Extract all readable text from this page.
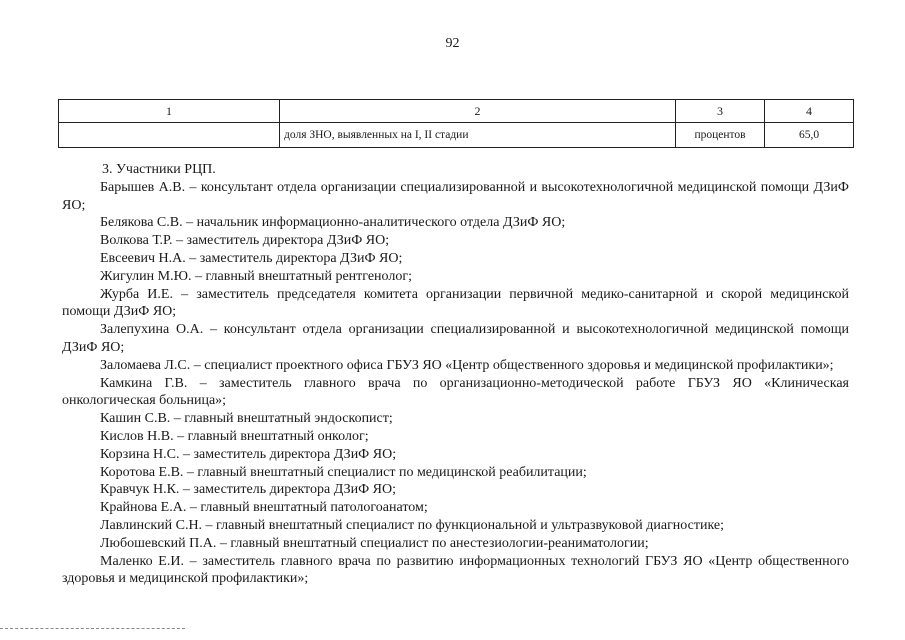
92
1	2	3	4
	доля ЗНО, выявленных на I, II стадии	процентов	65,0

3. Участники РЦП.

Барышев А.В. – консультант отдела организации специализированной и высокотехнологичной медицинской помощи ДЗиФ ЯО;

Белякова С.В. – начальник информационно-аналитического отдела ДЗиФ ЯО;

Волкова Т.Р. – заместитель директора ДЗиФ ЯО;

Евсеевич Н.А. – заместитель директора ДЗиФ ЯО;

Жигулин М.Ю. – главный внештатный рентгенолог;

Журба И.Е. – заместитель председателя комитета организации первичной медико-санитарной и скорой медицинской помощи ДЗиФ ЯО;

Залепухина О.А. – консультант отдела организации специализированной и высокотехнологичной медицинской помощи ДЗиФ ЯО;

Заломаева Л.С. – специалист проектного офиса ГБУЗ ЯО «Центр общественного здоровья и медицинской профилактики»;

Камкина Г.В. – заместитель главного врача по организационно-методической работе ГБУЗ ЯО «Клиническая онкологическая больница»;

Кашин С.В. – главный внештатный эндоскопист;

Кислов Н.В. – главный внештатный онколог;

Корзина Н.С. – заместитель директора ДЗиФ ЯО;

Коротова Е.В. – главный внештатный специалист по медицинской реабилитации;

Кравчук Н.К. – заместитель директора ДЗиФ ЯО;

Крайнова Е.А. – главный внештатный патологоанатом;

Лавлинский С.Н. – главный внештатный специалист по функциональной и ультразвуковой диагностике;

Любошевский П.А. – главный внештатный специалист по анестезиологии-реаниматологии;

Маленко Е.И. – заместитель главного врача по развитию информационных технологий ГБУЗ ЯО «Центр общественного здоровья и медицинской профилактики»;
